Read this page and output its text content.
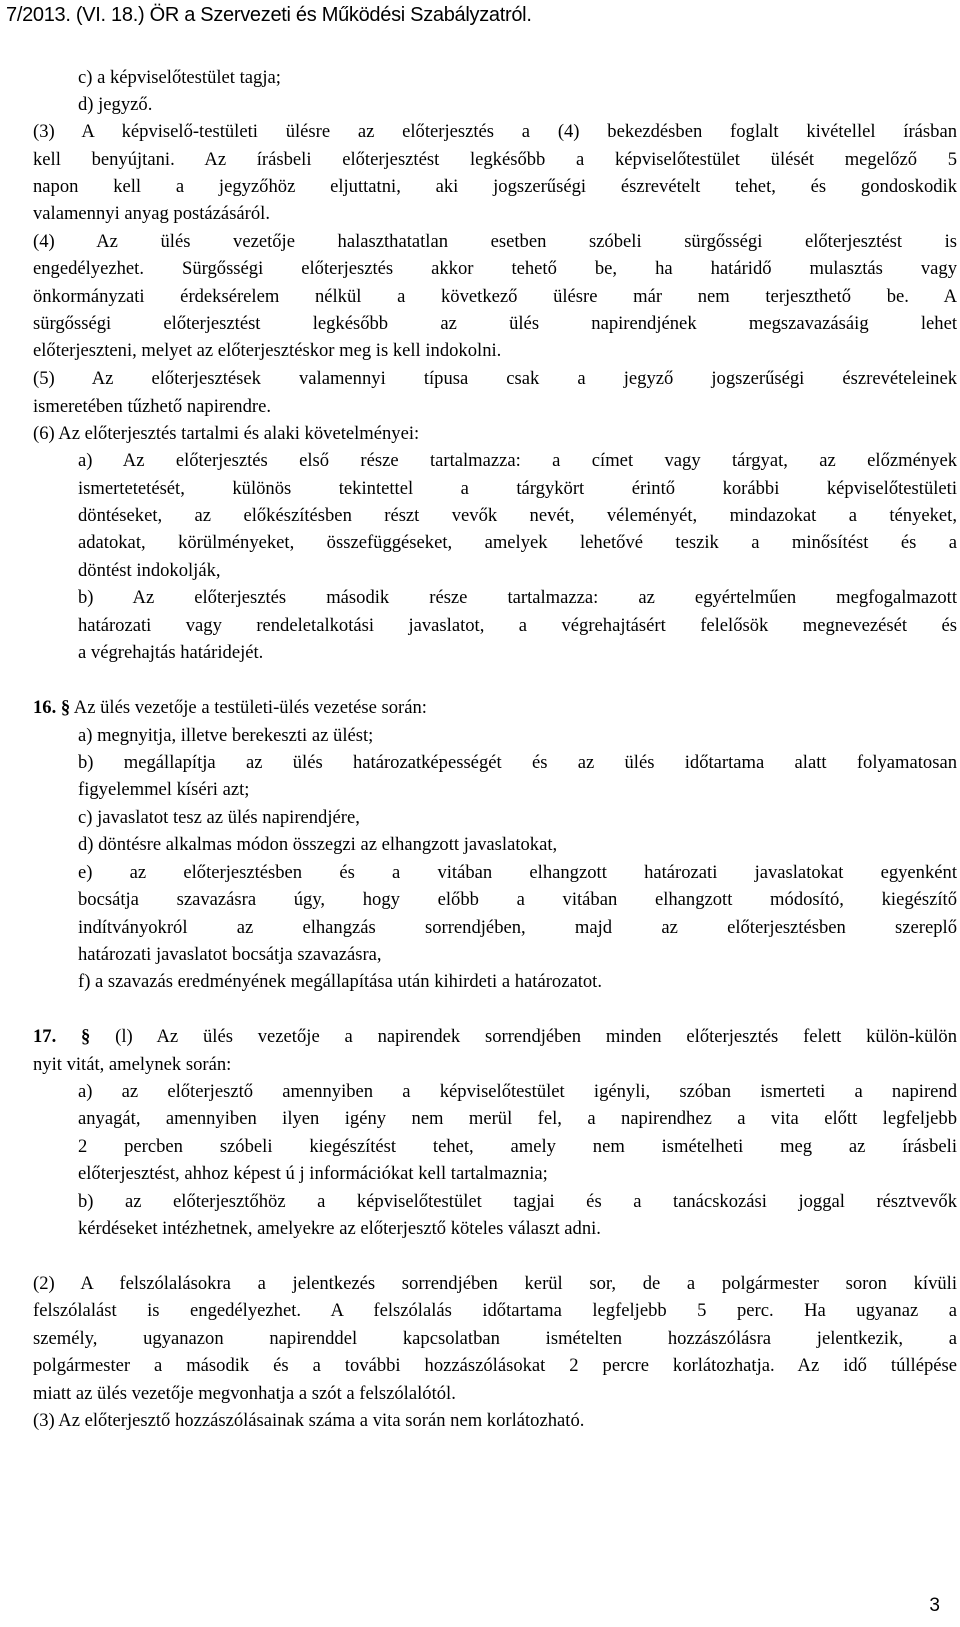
7/2013. (VI. 18.) ÖR a Szervezeti és Működési Szabályzatról.
c) a képviselőtestület tagja;
d) jegyző.
(3) A képviselő-testületi ülésre az előterjesztés a (4) bekezdésben foglalt kivétellel írásban
kell benyújtani. Az írásbeli előterjesztést legkésőbb a képviselőtestület ülését megelőző 5
napon kell a jegyzőhöz eljuttatni, aki jogszerűségi észrevételt tehet, és gondoskodik
valamennyi anyag postázásáról.
(4) Az ülés vezetője halaszthatatlan esetben szóbeli sürgősségi előterjesztést is
engedélyezhet. Sürgősségi előterjesztés akkor tehető be, ha határidő mulasztás vagy
önkormányzati érdeksérelem nélkül a következő ülésre már nem terjeszthető be. A
sürgősségi előterjesztést legkésőbb az ülés napirendjének megszavazásáig lehet
előterjeszteni, melyet az előterjesztéskor meg is kell indokolni.
(5) Az előterjesztések valamennyi típusa csak a jegyző jogszerűségi észrevételeinek
ismeretében tűzhető napirendre.
(6) Az előterjesztés tartalmi és alaki követelményei:
a) Az előterjesztés első része tartalmazza: a címet vagy tárgyat, az előzmények
ismertetetését, különös tekintettel a tárgykört érintő korábbi képviselőtestületi
döntéseket, az előkészítésben részt vevők nevét, véleményét, mindazokat a tényeket,
adatokat, körülményeket, összefüggéseket, amelyek lehetővé teszik a minősítést és a
döntést indokolják,
b) Az előterjesztés második része tartalmazza: az egyértelműen megfogalmazott
határozati vagy rendeletalkotási javaslatot, a végrehajtásért felelősök megnevezését és
a végrehajtás határidejét.
16. § Az ülés vezetője a testületi-ülés vezetése során:
a) megnyitja, illetve berekeszti az ülést;
b) megállapítja az ülés határozatképességét és az ülés időtartama alatt folyamatosan
figyelemmel kíséri azt;
c) javaslatot tesz az ülés napirendjére,
d) döntésre alkalmas módon összegzi az elhangzott javaslatokat,
e) az előterjesztésben és a vitában elhangzott határozati javaslatokat egyenként
bocsátja szavazásra úgy, hogy előbb a vitában elhangzott módosító, kiegészítő
indítványokról az elhangzás sorrendjében, majd az előterjesztésben szereplő
határozati javaslatot bocsátja szavazásra,
f) a szavazás eredményének megállapítása után kihirdeti a határozatot.
17. § (l) Az ülés vezetője a napirendek sorrendjében minden előterjesztés felett külön-külön
nyit vitát, amelynek során:
a) az előterjesztő amennyiben a képviselőtestület igényli, szóban ismerteti a napirend
anyagát, amennyiben ilyen igény nem merül fel, a napirendhez a vita előtt legfeljebb
2 percben szóbeli kiegészítést tehet, amely nem ismételheti meg az írásbeli
előterjesztést, ahhoz képest ú j információkat kell tartalmaznia;
b) az előterjesztőhöz a képviselőtestület tagjai és a tanácskozási joggal résztvevők
kérdéseket intézhetnek, amelyekre az előterjesztő köteles választ adni.
(2) A felszólalásokra a jelentkezés sorrendjében kerül sor, de a polgármester soron kívüli
felszólalást is engedélyezhet. A felszólalás időtartama legfeljebb 5 perc. Ha ugyanaz a
személy, ugyanazon napirenddel kapcsolatban ismételten hozzászólásra jelentkezik, a
polgármester a második és a további hozzászólásokat 2 percre korlátozhatja. Az idő túllépése
miatt az ülés vezetője megvonhatja a szót a felszólalótól.
(3) Az előterjesztő hozzászólásainak száma a vita során nem korlátozható.
3
